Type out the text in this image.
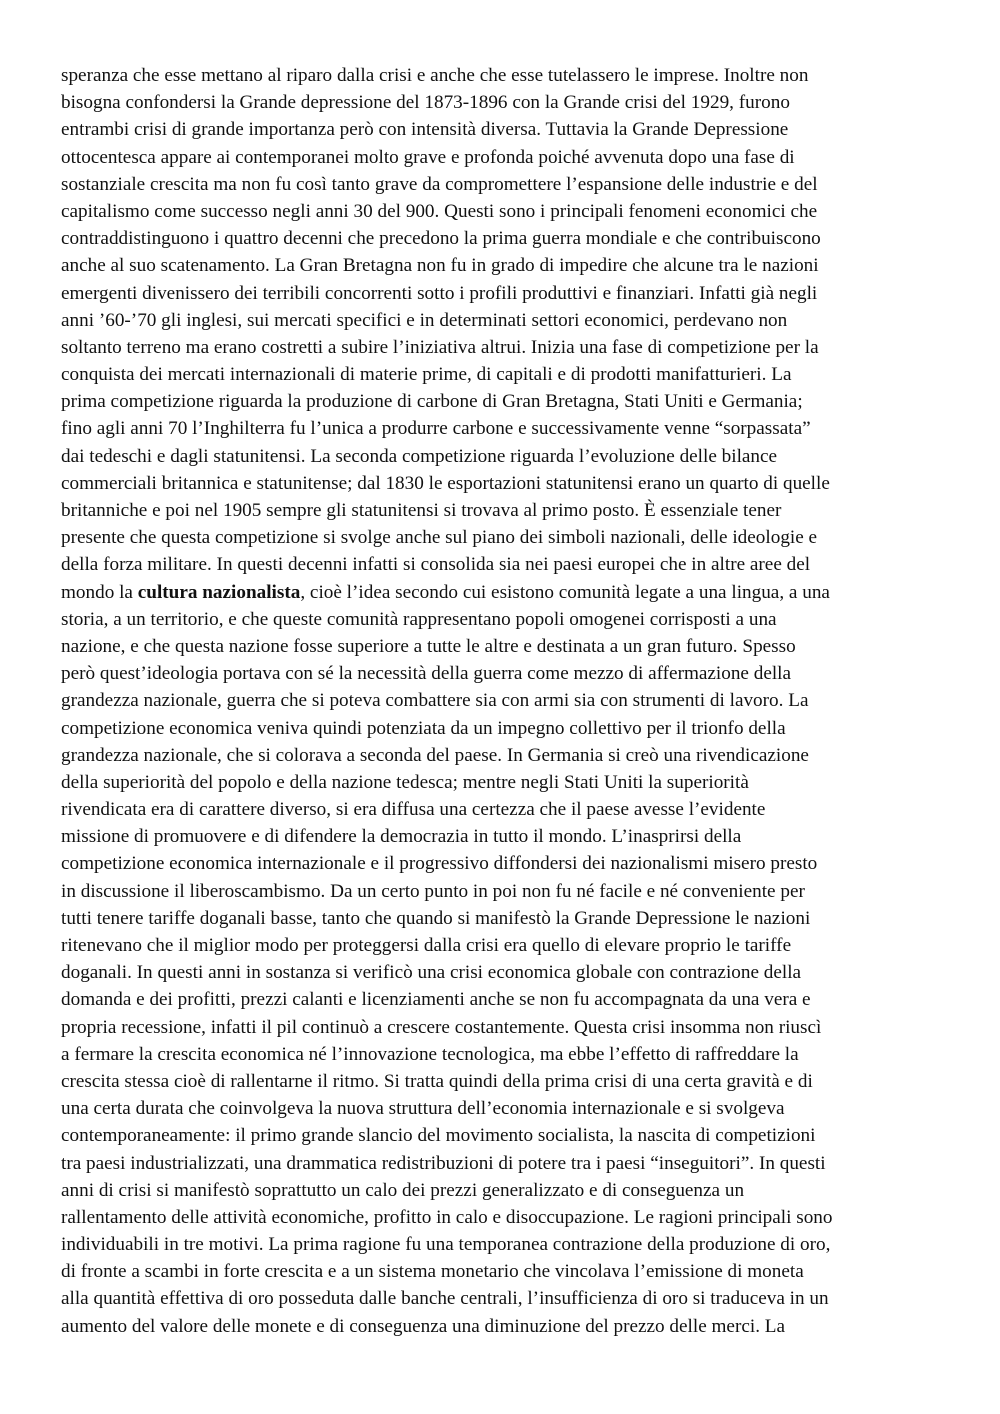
speranza che esse mettano al riparo dalla crisi e anche che esse tutelassero le imprese. Inoltre non
bisogna confondersi la Grande depressione del 1873-1896 con la Grande crisi del 1929, furono
entrambi crisi di grande importanza però con intensità diversa. Tuttavia la Grande Depressione
ottocentesca appare ai contemporanei molto grave e profonda poiché avvenuta dopo una fase di
sostanziale crescita ma non fu così tanto grave da compromettere l’espansione delle industrie e del
capitalismo come successo negli anni 30 del 900. Questi sono i principali fenomeni economici che
contraddistinguono i quattro decenni che precedono la prima guerra mondiale e che contribuiscono
anche al suo scatenamento. La Gran Bretagna non fu in grado di impedire che alcune tra le nazioni
emergenti divenissero dei terribili concorrenti sotto i profili produttivi e finanziari. Infatti già negli
anni ’60-’70 gli inglesi, sui mercati specifici e in determinati settori economici, perdevano non
soltanto terreno ma erano costretti a subire l’iniziativa altrui. Inizia una fase di competizione per la
conquista dei mercati internazionali di materie prime, di capitali e di prodotti manifatturieri. La
prima competizione riguarda la produzione di carbone di Gran Bretagna, Stati Uniti e Germania;
fino agli anni 70 l’Inghilterra fu l’unica a produrre carbone e successivamente venne “sorpassata”
dai tedeschi e dagli statunitensi. La seconda competizione riguarda l’evoluzione delle bilance
commerciali britannica e statunitense; dal 1830 le esportazioni statunitensi erano un quarto di quelle
britanniche e poi nel 1905 sempre gli statunitensi si trovava al primo posto. È essenziale tener
presente che questa competizione si svolge anche sul piano dei simboli nazionali, delle ideologie e
della forza militare. In questi decenni infatti si consolida sia nei paesi europei che in altre aree del
mondo la cultura nazionalista, cioè l’idea secondo cui esistono comunità legate a una lingua, a una
storia, a un territorio, e che queste comunità rappresentano popoli omogenei corrisposti a una
nazione, e che questa nazione fosse superiore a tutte le altre e destinata a un gran futuro. Spesso
però quest’ideologia portava con sé la necessità della guerra come mezzo di affermazione della
grandezza nazionale, guerra che si poteva combattere sia con armi sia con strumenti di lavoro. La
competizione economica veniva quindi potenziata da un impegno collettivo per il trionfo della
grandezza nazionale, che si colorava a seconda del paese. In Germania si creò una rivendicazione
della superiorità del popolo e della nazione tedesca; mentre negli Stati Uniti la superiorità
rivendicata era di carattere diverso, si era diffusa una certezza che il paese avesse l’evidente
missione di promuovere e di difendere la democrazia in tutto il mondo. L’inasprirsi della
competizione economica internazionale e il progressivo diffondersi dei nazionalismi misero presto
in discussione il liberoscambismo. Da un certo punto in poi non fu né facile e né conveniente per
tutti tenere tariffe doganali basse, tanto che quando si manifestò la Grande Depressione le nazioni
ritenevano che il miglior modo per proteggersi dalla crisi era quello di elevare proprio le tariffe
doganali. In questi anni in sostanza si verificò una crisi economica globale con contrazione della
domanda e dei profitti, prezzi calanti e licenziamenti anche se non fu accompagnata da una vera e
propria recessione, infatti il pil continuò a crescere costantemente. Questa crisi insomma non riuscì
a fermare la crescita economica né l’innovazione tecnologica, ma ebbe l’effetto di raffreddare la
crescita stessa cioè di rallentarne il ritmo. Si tratta quindi della prima crisi di una certa gravità e di
una certa durata che coinvolgeva la nuova struttura dell’economia internazionale e si svolgeva
contemporaneamente: il primo grande slancio del movimento socialista, la nascita di competizioni
tra paesi industrializzati, una drammatica redistribuzioni di potere tra i paesi “inseguitori”. In questi
anni di crisi si manifestò soprattutto un calo dei prezzi generalizzato e di conseguenza un
rallentamento delle attività economiche, profitto in calo e disoccupazione. Le ragioni principali sono
individuabili in tre motivi. La prima ragione fu una temporanea contrazione della produzione di oro,
di fronte a scambi in forte crescita e a un sistema monetario che vincolava l’emissione di moneta
alla quantità effettiva di oro posseduta dalle banche centrali, l’insufficienza di oro si traduceva in un
aumento del valore delle monete e di conseguenza una diminuzione del prezzo delle merci. La
